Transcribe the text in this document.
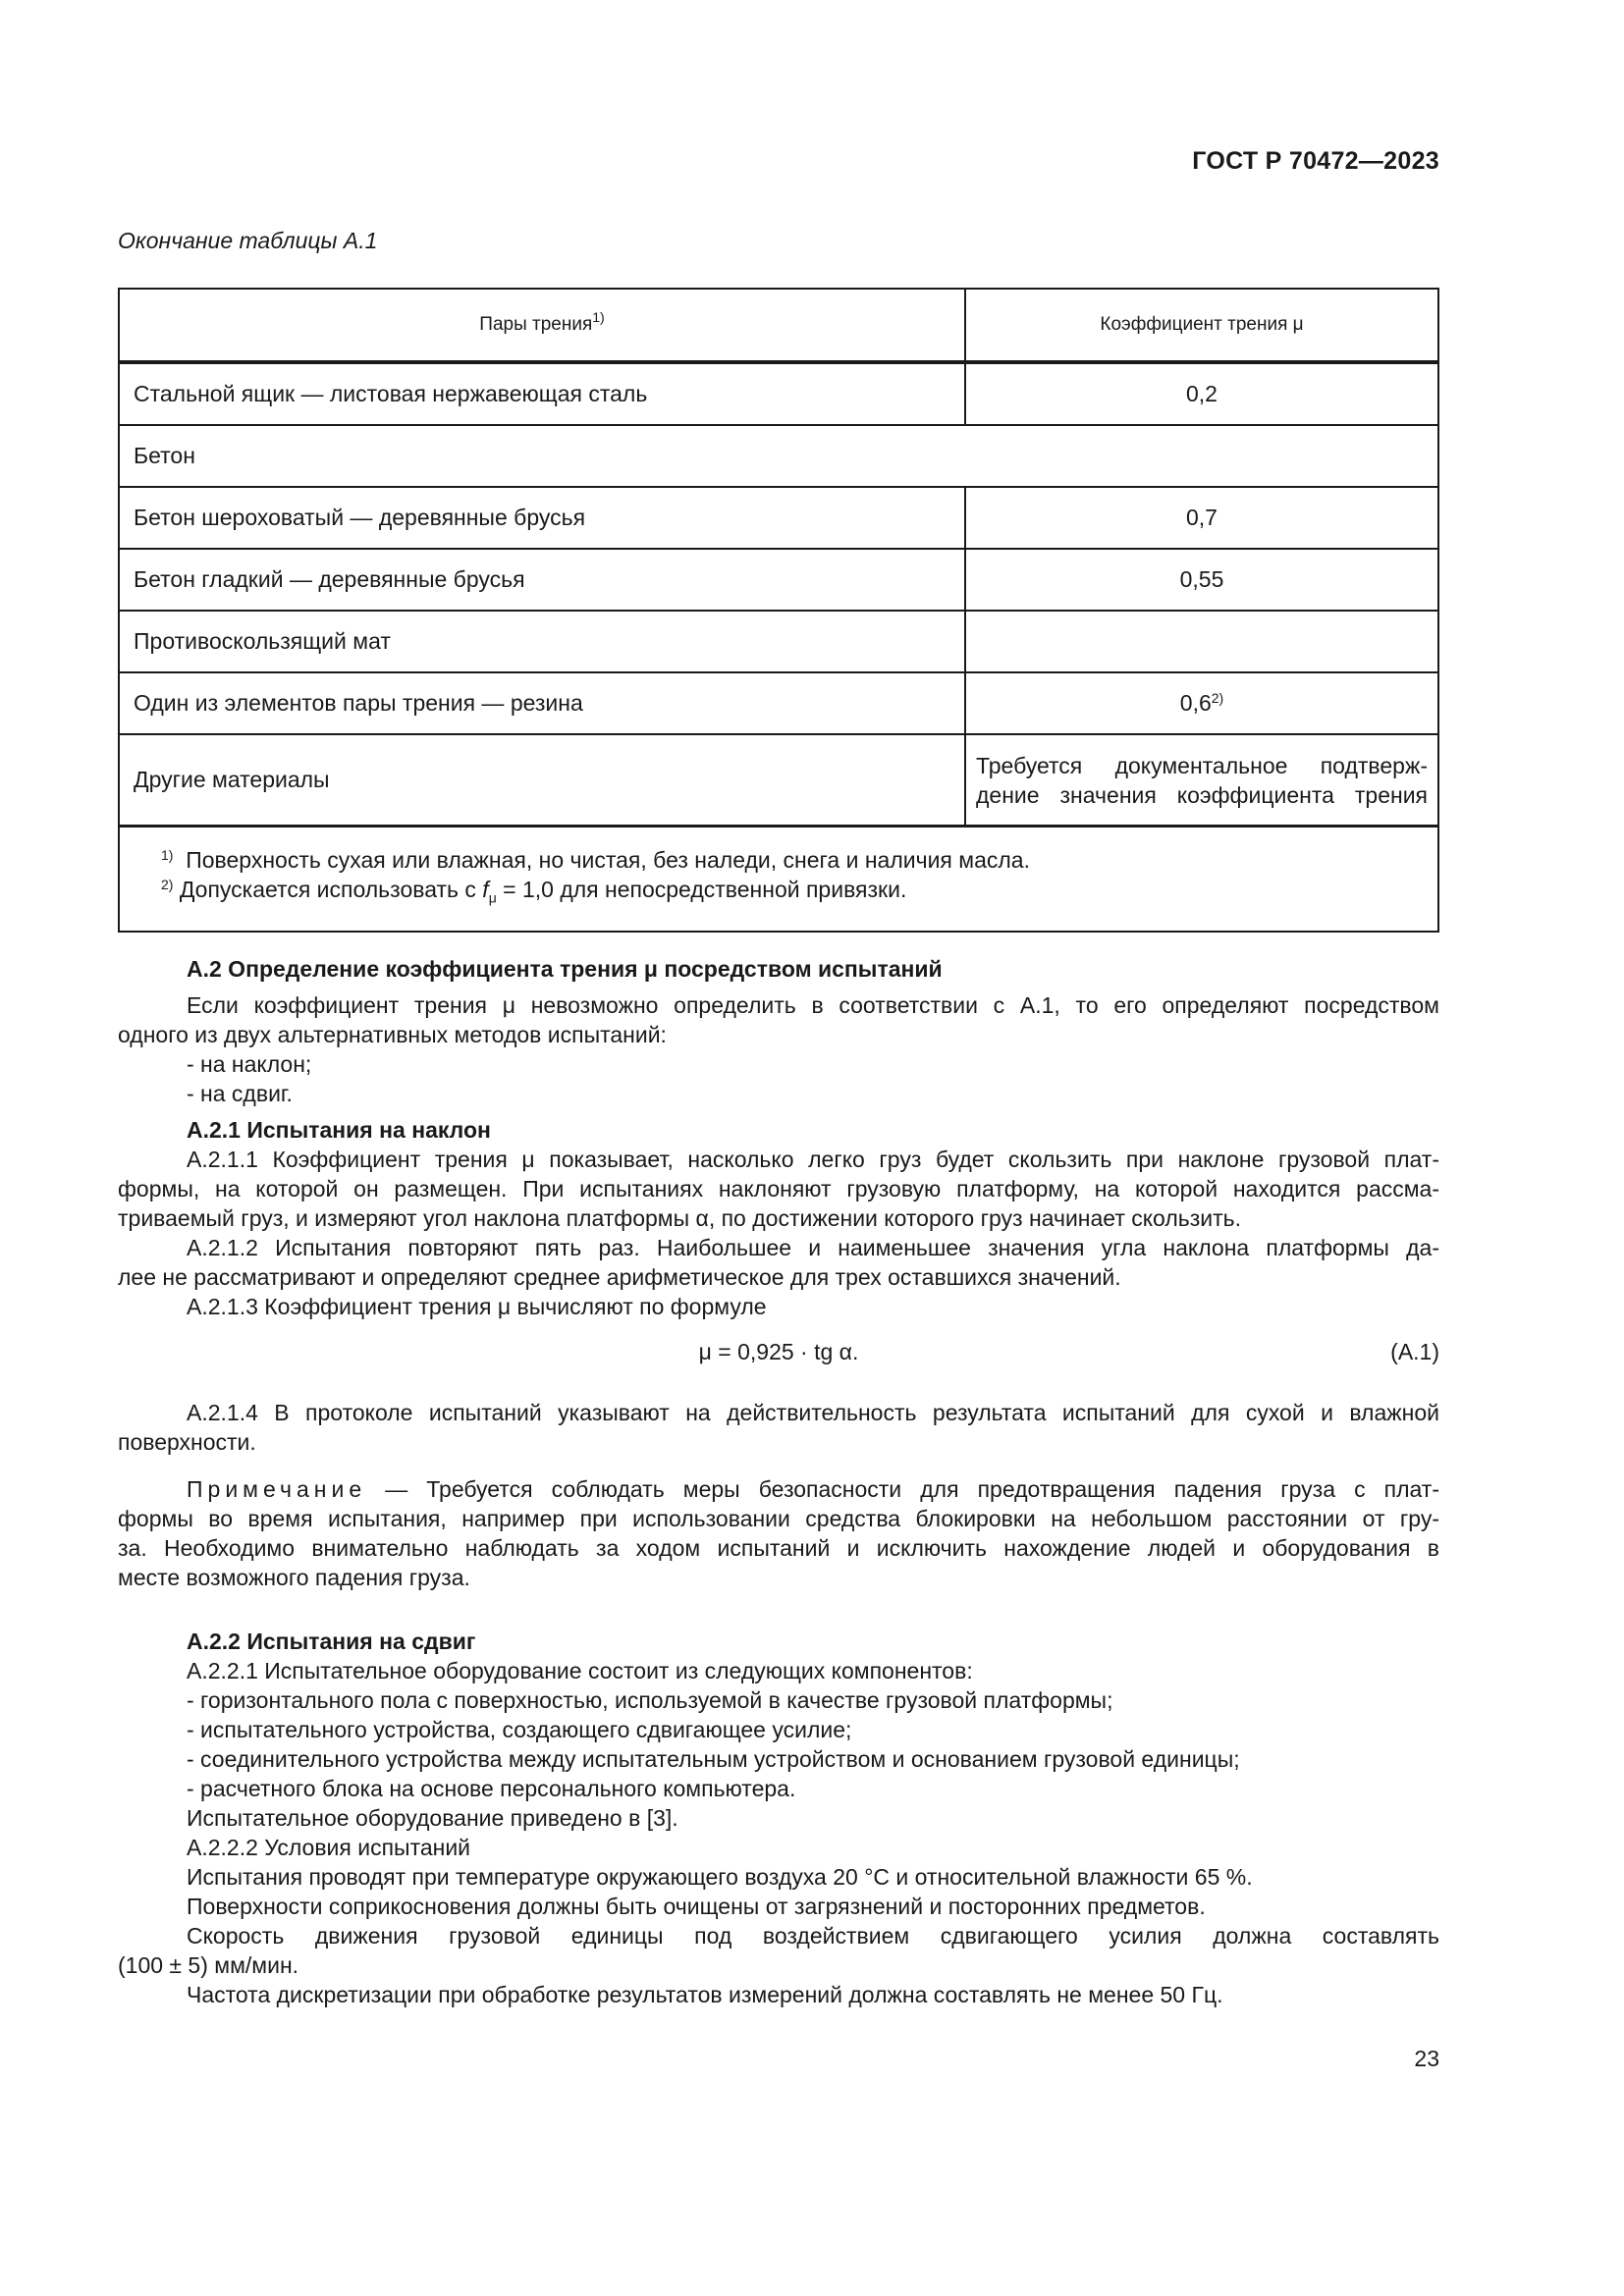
ГОСТ Р 70472—2023
Окончание таблицы А.1
Пары трения$^{1)}$	Коэффициент трения μ
Стальной ящик — листовая нержавеющая сталь	0,2
Бетон	
Бетон шероховатый — деревянные брусья	0,7
Бетон гладкий — деревянные брусья	0,55
Противоскользящий мат	
Один из элементов пары трения — резина	0,6$^{2)}$
Другие материалы	Требуется документальное подтверж-
дение значения коэффициента трения

$^{1)}$ Поверхность сухая или влажная, но чистая, без наледи, снега и наличия масла.
$^{2)}$ Допускается использовать с $f_\mu = 1,0$ для непосредственной привязки.	

А.2 Определение коэффициента трения μ посредством испытаний

Если коэффициент трения μ невозможно определить в соответствии с А.1, то его определяют посредством

одного из двух альтернативных методов испытаний:

- на наклон;

- на сдвиг.

А.2.1 Испытания на наклон

А.2.1.1 Коэффициент трения μ показывает, насколько легко груз будет скользить при наклоне грузовой плат-

формы, на которой он размещен. При испытаниях наклоняют грузовую платформу, на которой находится рассма-

триваемый груз, и измеряют угол наклона платформы α, по достижении которого груз начинает скользить.

А.2.1.2 Испытания повторяют пять раз. Наибольшее и наименьшее значения угла наклона платформы да-

лее не рассматривают и определяют среднее арифметическое для трех оставшихся значений.

А.2.1.3 Коэффициент трения μ вычисляют по формуле

μ = 0,925 · tg α.	(А.1)

А.2.1.4 В протоколе испытаний указывают на действительность результата испытаний для сухой и влажной

поверхности.

Примечание — Требуется соблюдать меры безопасности для предотвращения падения груза с плат-

формы во время испытания, например при использовании средства блокировки на небольшом расстоянии от гру-

за. Необходимо внимательно наблюдать за ходом испытаний и исключить нахождение людей и оборудования в

месте возможного падения груза.

А.2.2 Испытания на сдвиг

А.2.2.1 Испытательное оборудование состоит из следующих компонентов:

- горизонтального пола с поверхностью, используемой в качестве грузовой платформы;

- испытательного устройства, создающего сдвигающее усилие;

- соединительного устройства между испытательным устройством и основанием грузовой единицы;

- расчетного блока на основе персонального компьютера.

Испытательное оборудование приведено в [3].

А.2.2.2 Условия испытаний

Испытания проводят при температуре окружающего воздуха 20 °С и относительной влажности 65 %.

Поверхности соприкосновения должны быть очищены от загрязнений и посторонних предметов.

Скорость движения грузовой единицы под воздействием сдвигающего усилия должна составлять

(100 ± 5) мм/мин.

Частота дискретизации при обработке результатов измерений должна составлять не менее 50 Гц.

23
